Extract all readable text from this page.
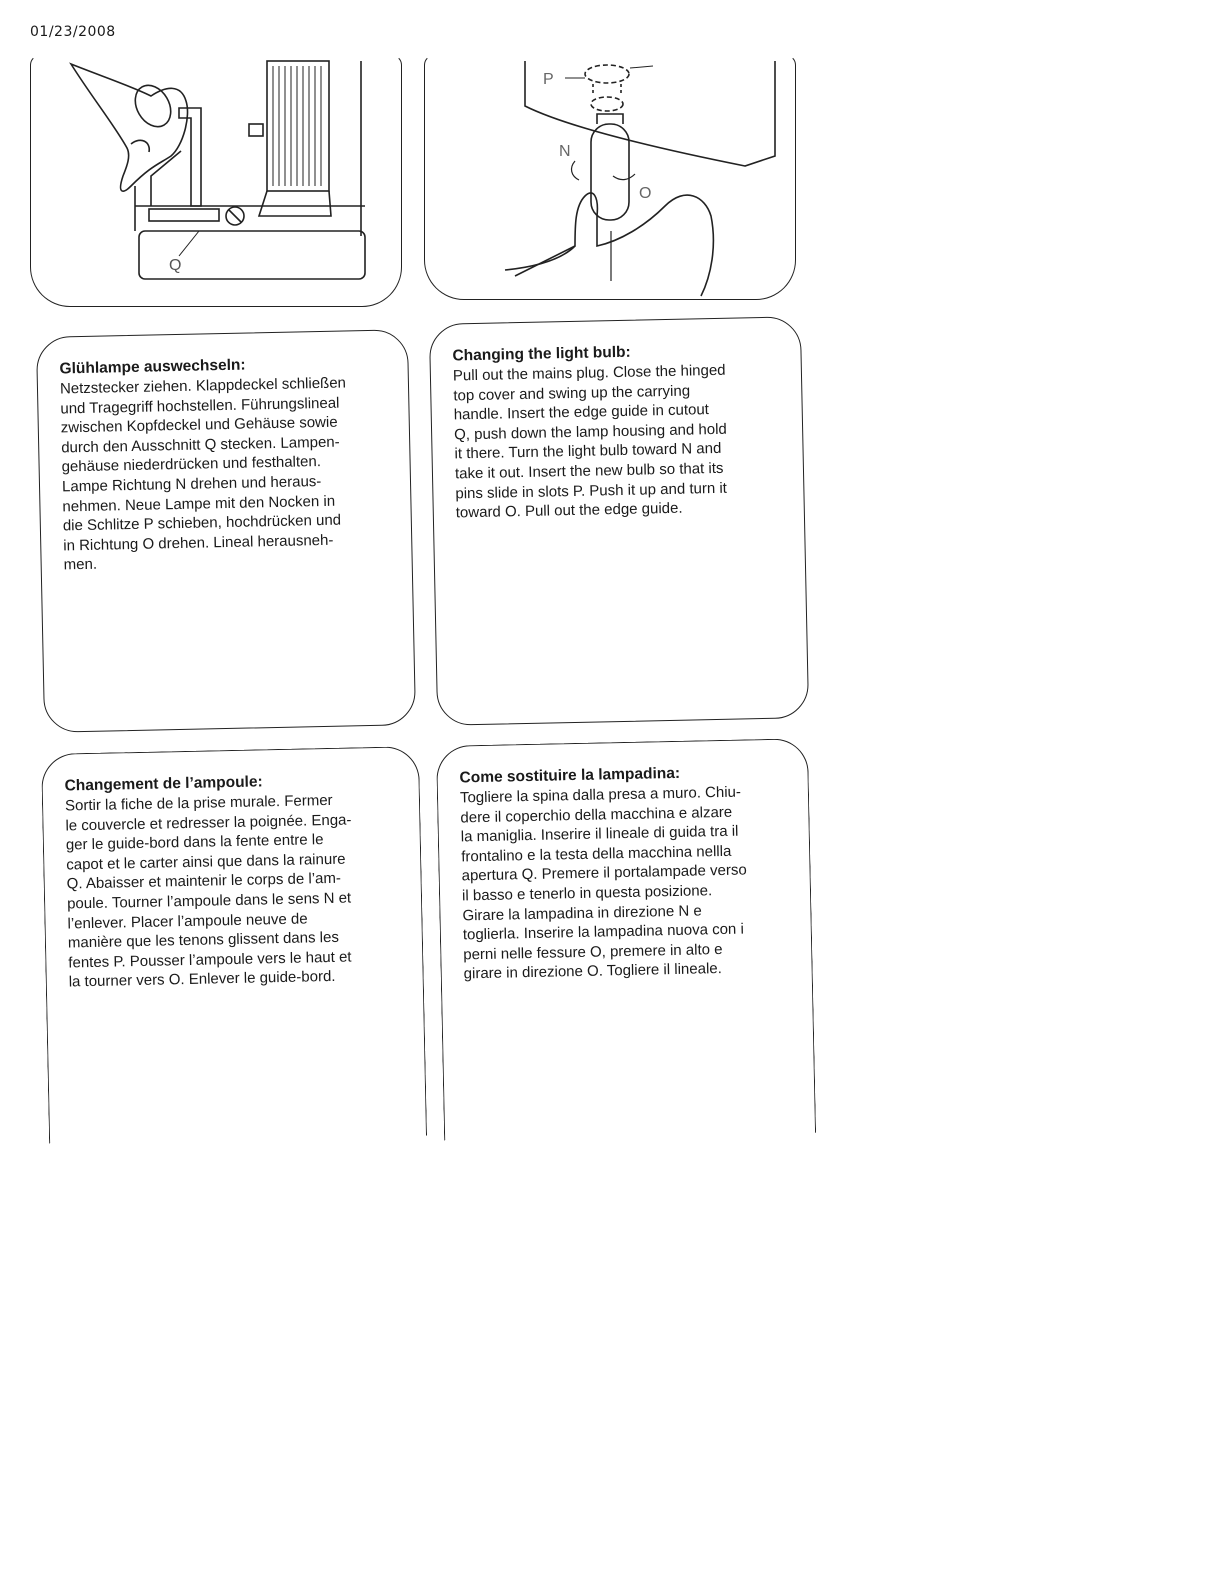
01/23/2008
Q
P
N
O
Glühlampe auswechseln:
Netzstecker ziehen. Klappdeckel schließen
und Tragegriff hochstellen. Führungslineal
zwischen Kopfdeckel und Gehäuse sowie
durch den Ausschnitt Q stecken. Lampen-
gehäuse niederdrücken und festhalten.
Lampe Richtung N drehen und heraus-
nehmen. Neue Lampe mit den Nocken in
die Schlitze P schieben, hochdrücken und
in Richtung O drehen. Lineal herausneh-
men.
Changing the light bulb:
Pull out the mains plug. Close the hinged
top cover and swing up the carrying
handle. Insert the edge guide in cutout
Q, push down the lamp housing and hold
it there. Turn the light bulb toward N and
take it out. Insert the new bulb so that its
pins slide in slots P. Push it up and turn it
toward O. Pull out the edge guide.
Changement de l’ampoule:
Sortir la fiche de la prise murale. Fermer
le couvercle et redresser la poignée. Enga-
ger le guide-bord dans la fente entre le
capot et le carter ainsi que dans la rainure
Q. Abaisser et maintenir le corps de l’am-
poule. Tourner l’ampoule dans le sens N et
l’enlever. Placer l’ampoule neuve de
manière que les tenons glissent dans les
fentes P. Pousser l’ampoule vers le haut et
la tourner vers O. Enlever le guide-bord.
Come sostituire la lampadina:
Togliere la spina dalla presa a muro. Chiu-
dere il coperchio della macchina e alzare
la maniglia. Inserire il lineale di guida tra il
frontalino e la testa della macchina nellla
apertura Q. Premere il portalampade verso
il basso e tenerlo in questa posizione.
Girare la lampadina in direzione N e
toglierla. Inserire la lampadina nuova con i
perni nelle fessure O, premere in alto e
girare in direzione O. Togliere il lineale.
